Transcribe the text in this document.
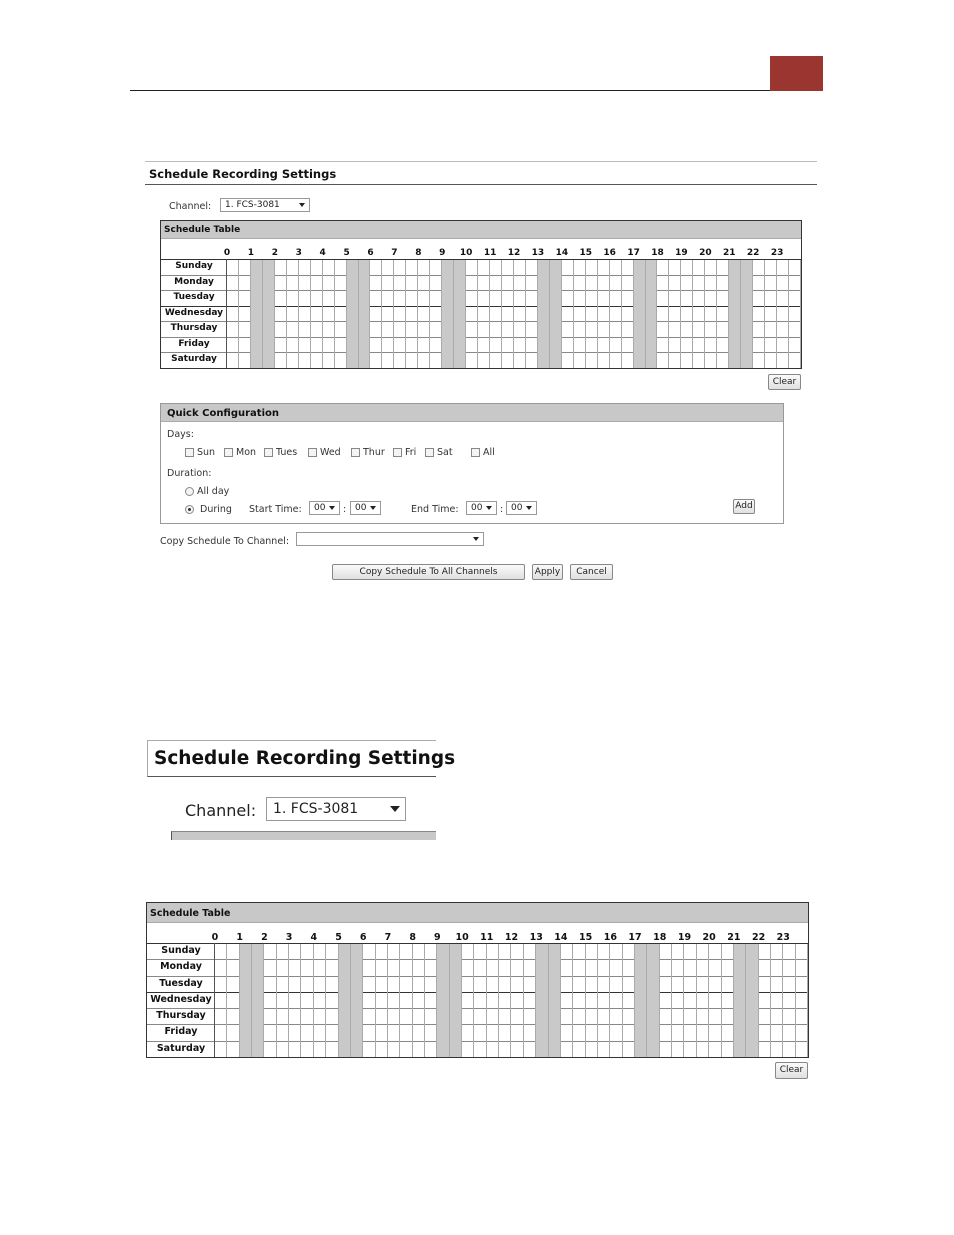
Schedule Recording Settings
Channel: 1. FCS-3081
Schedule Table
0	1	2	3	4	5	6	7	8	9	10	11	12	13	14	15	16	17	18	19	20	21	22	23
Sunday
Monday
Tuesday
Wednesday
Thursday
Friday
Saturday
Clear
Quick Configuration
Days:
Sun Mon Tues Wed Thur Fri Sat	All
Duration:
All day
During Start Time: 00 : 00	End Time: 00 : 00	Add
Copy Schedule To Channel:
Copy Schedule To All Channels	Apply	Cancel
Schedule Recording Settings
Channel: 1. FCS-3081
Schedule Table
0	1	2	3	4	5	6	7	8	9	10	11	12	13	14	15	16	17	18	19	20	21	22	23
Sunday
Monday
Tuesday
Wednesday
Thursday
Friday
Saturday
Clear
